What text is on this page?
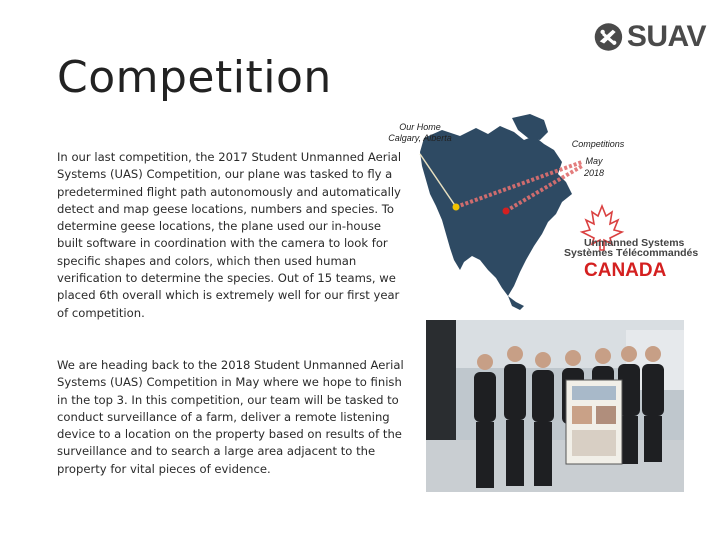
SUAV
Competition

In our last competition, the 2017 Student Unmanned Aerial Systems (UAS) Competition, our plane was tasked to fly a predetermined flight path autonomously and automatically detect and map geese locations, numbers and species. To determine geese locations, the plane used our in-house built software in coordination with the camera to look for specific shapes and colors, which then used human verification to determine the species. Out of 15 teams, we placed 6th overall which is extremely well for our first year of competition.

We are heading back to the 2018 Student Unmanned Aerial Systems (UAS) Competition in May where we hope to finish in the top 3. In this competition, our team will be tasked to conduct surveillance of a farm, deliver a remote listening device to a location on the property based on results of the surveillance and to search a large area adjacent to the property for vital pieces of evidence.

Our Home
Calgary, Alberta
Competitions
May
2018
Unmanned Systems
Systèmes Télécommandés
CANADA
